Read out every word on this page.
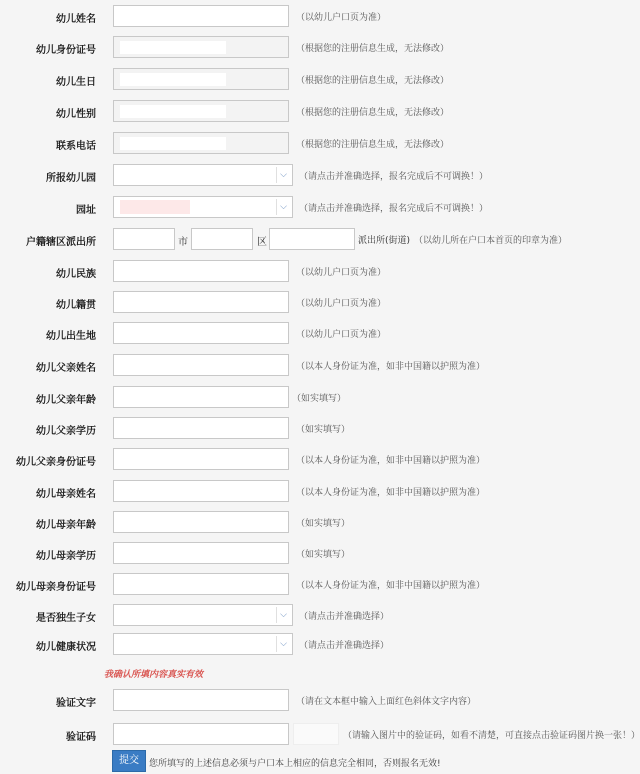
幼儿姓名	（以幼儿户口页为准）
幼儿身份证号	（根据您的注册信息生成，无法修改）
幼儿生日	（根据您的注册信息生成，无法修改）
幼儿性别	（根据您的注册信息生成，无法修改）
联系电话	（根据您的注册信息生成，无法修改）
所报幼儿园	⌵	（请点击并准确选择，报名完成后不可调换！）
园址	⌵	（请点击并准确选择，报名完成后不可调换！）
户籍辖区派出所	市	区	派出所(街道) （以幼儿所在户口本首页的印章为准）
幼儿民族	（以幼儿户口页为准）
幼儿籍贯	（以幼儿户口页为准）
幼儿出生地	（以幼儿户口页为准）
幼儿父亲姓名	（以本人身份证为准，如非中国籍以护照为准）
幼儿父亲年龄	（如实填写）
幼儿父亲学历	（如实填写）
幼儿父亲身份证号	（以本人身份证为准，如非中国籍以护照为准）
幼儿母亲姓名	（以本人身份证为准，如非中国籍以护照为准）
幼儿母亲年龄	（如实填写）
幼儿母亲学历	（如实填写）
幼儿母亲身份证号	（以本人身份证为准，如非中国籍以护照为准）
是否独生子女	⌵	（请点击并准确选择）
幼儿健康状况	⌵	（请点击并准确选择）
我确认所填内容真实有效
验证文字	（请在文本框中输入上面红色斜体文字内容）
验证码	（请输入图片中的验证码，如看不清楚，可直接点击验证码图片换一张！）
提交	您所填写的上述信息必须与户口本上相应的信息完全相同，否则报名无效!
